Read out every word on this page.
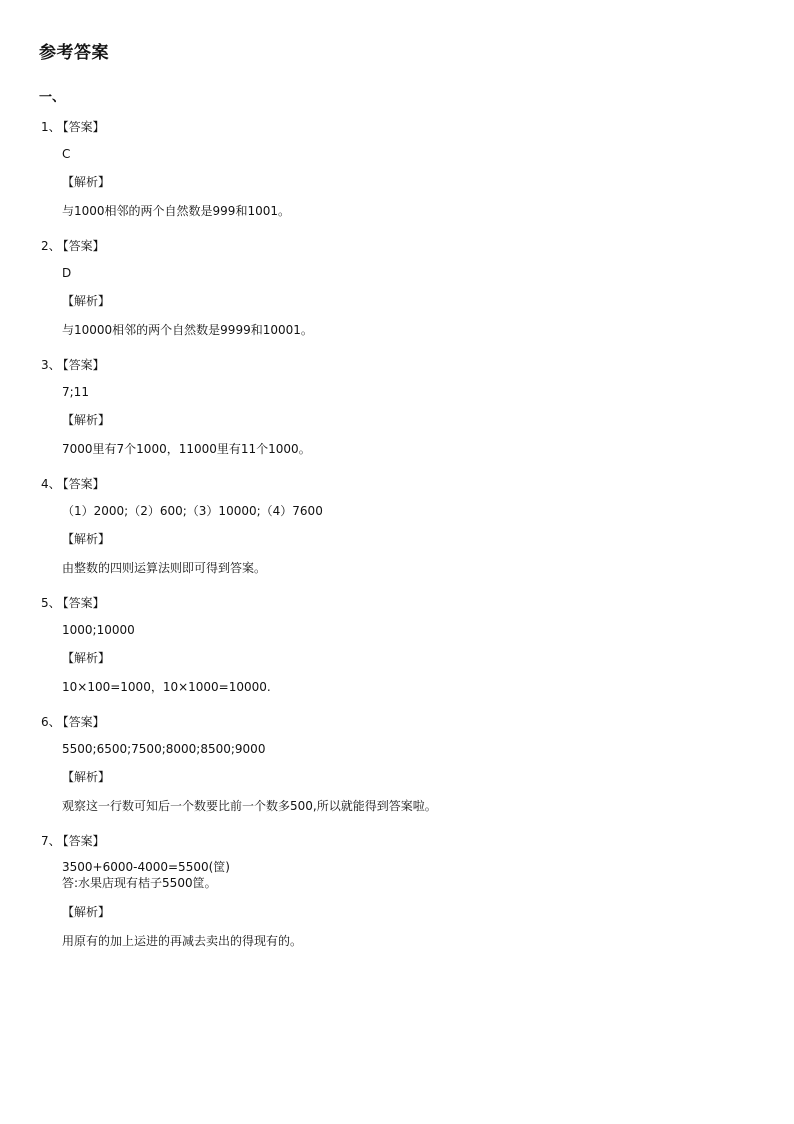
参考答案
一、
1、 【答案】
C
【解析】
与1000相邻的两个自然数是999和1001。
2、 【答案】
D
【解析】
与10000相邻的两个自然数是9999和10001。
3、 【答案】
7;11
【解析】
7000里有7个1000，11000里有11个1000。
4、 【答案】
（1）2000;（2）600;（3）10000;（4）7600
【解析】
由整数的四则运算法则即可得到答案。
5、 【答案】
1000;10000
【解析】
10×100=1000，10×1000=10000.
6、 【答案】
5500;6500;7500;8000;8500;9000
【解析】
观察这一行数可知后一个数要比前一个数多500,所以就能得到答案啦。
7、 【答案】
3500+6000-4000=5500(筐)
答:水果店现有桔子5500筐。
【解析】
用原有的加上运进的再减去卖出的得现有的。
